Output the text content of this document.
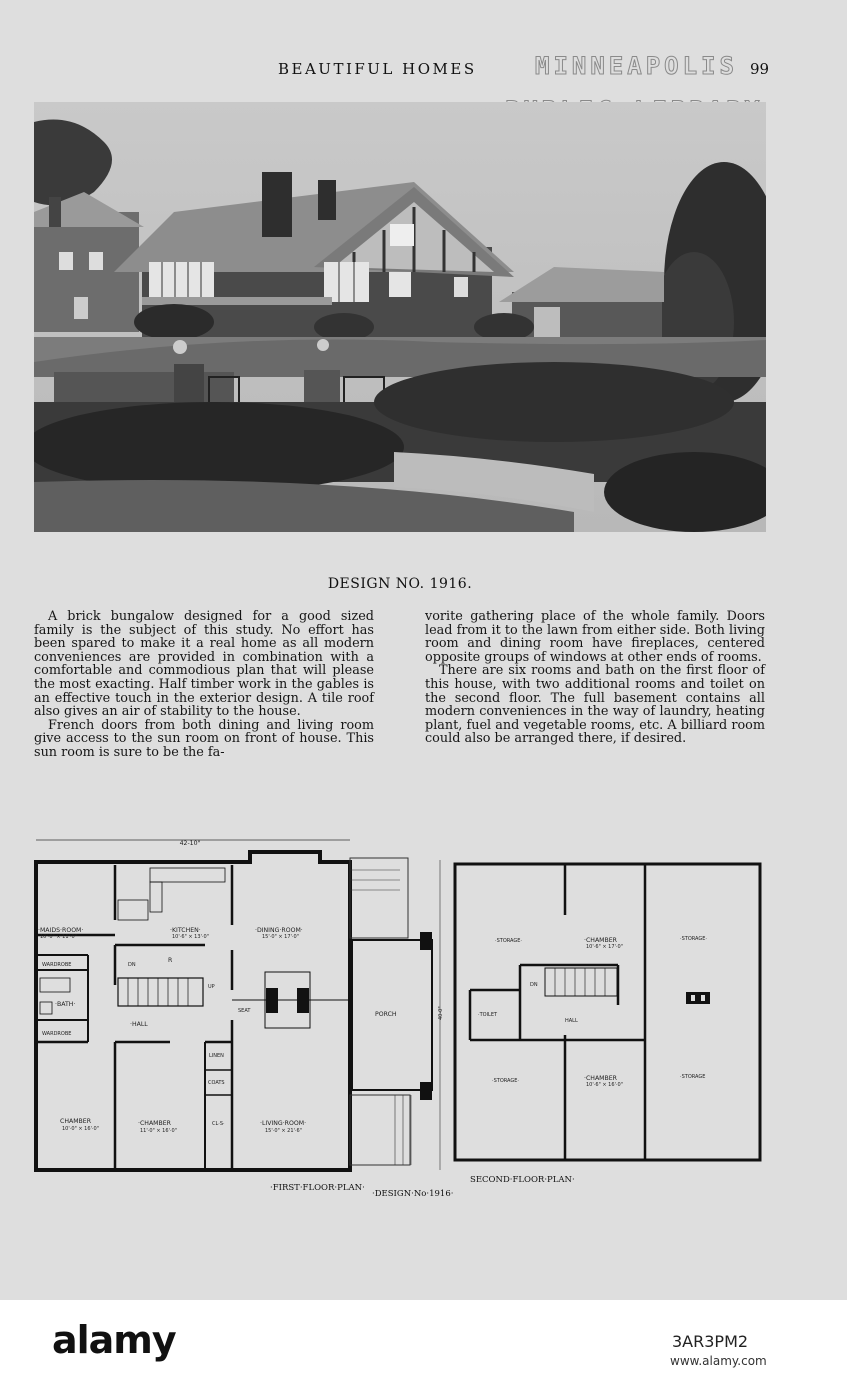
BEAUTIFUL HOMES	99
MINNEAPOLIS
DESIGN NO. 1916.

A brick bungalow designed for a good sized family is the subject of this study. No effort has been spared to make it a real home as all modern conveniences are provided in combination with a comfortable and commodious plan that will please the most exacting. Half timber work in the gables is an effective touch in the exterior design. A tile roof also gives an air of stability to the house.

French doors from both dining and living room give access to the sun room on front of house. This sun room is sure to be the fa-

vorite gathering place of the whole family. Doors lead from it to the lawn from either side. Both living room and dining room have fireplaces, centered opposite groups of windows at other ends of rooms.

There are six rooms and bath on the first floor of this house, with two additional rooms and toilet on the second floor. The full basement contains all modern conveniences in the way of laundry, heating plant, fuel and vegetable rooms, etc. A billiard room could also be arranged there, if desired.

42-10"
40-0"
·MAIDS·ROOM·
10'·0" × 11'·0"
·KITCHEN·
10'·6" × 13'·0"
·DINING·ROOM·
15'·0" × 17'·0"
WARDROBE
WARDROBE
·BATH·
·HALL
SEAT	PORCH
LINEN
COATS
CL·S·
CHAMBER
10'·0" × 16'·0"
·CHAMBER
11'·0" × 16'·0"
·LIVING·ROOM·
15'·0" × 21'·6"
R
DN
UP
·FIRST·FLOOR·PLAN·
·DESIGN·No·1916·
·STORAGE·	·CHAMBER
10'·6" × 17'·0"
·STORAGE·
DN
·TOILET
HALL
·STORAGE·	·CHAMBER
10'·6" × 16'·0"
·STORAGE
SECOND·FLOOR·PLAN·
alamy	3AR3PM2
www.alamy.com
